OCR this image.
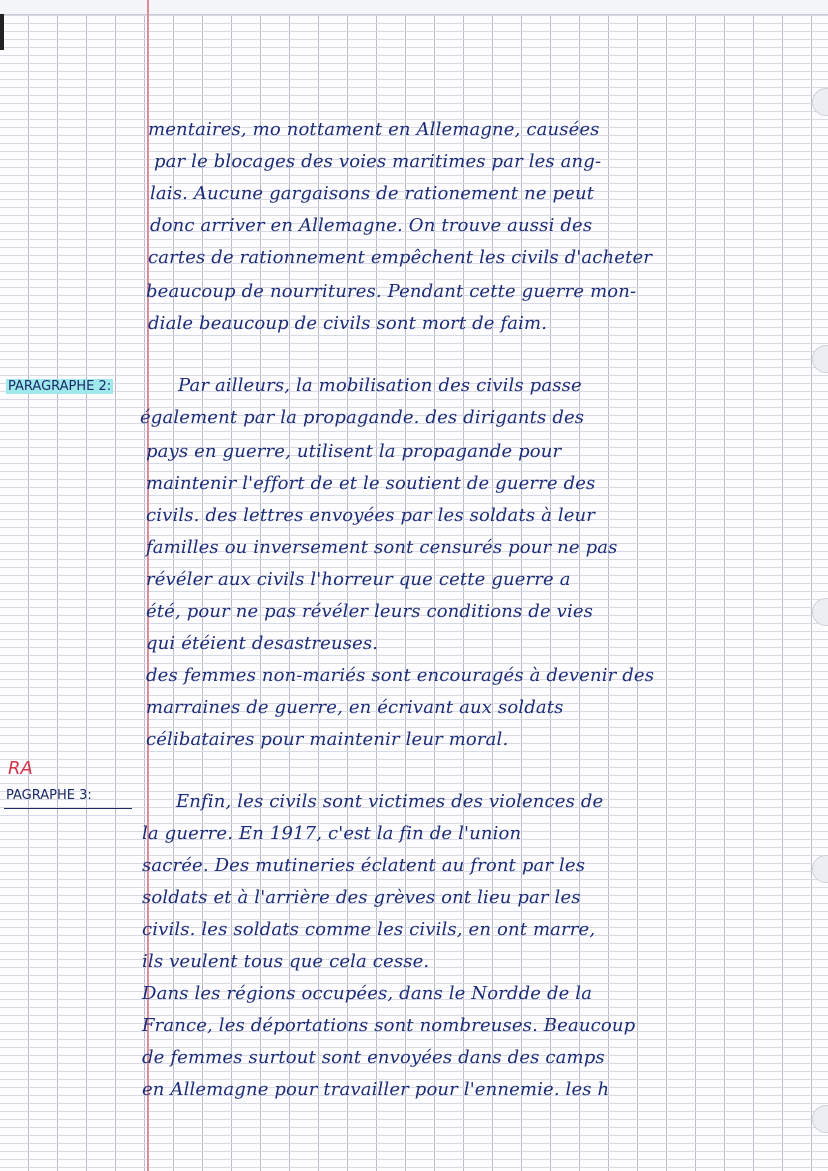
mentaires, mo nottament en Allemagne, causées

par le blocages des voies maritimes par les ang-

lais. Aucune gargaisons de rationement ne peut

donc arriver en Allemagne. On trouve aussi des

cartes de rationnement empêchent les civils d'acheter

beaucoup de nourritures. Pendant cette guerre mon-

diale beaucoup de civils sont mort de faim.

PARAGRAPHE 2:	Par ailleurs, la mobilisation des civils passe

également par la propagande. des dirigants des

pays en guerre, utilisent la propagande pour

maintenir l'effort de et le soutient de guerre des

civils. des lettres envoyées par les soldats à leur

familles ou inversement sont censurés pour ne pas

révéler aux civils l'horreur que cette guerre a

été, pour ne pas révéler leurs conditions de vies

qui étéient desastreuses.

des femmes non-mariés sont encouragés à devenir des

marraines de guerre, en écrivant aux soldats

célibataires pour maintenir leur moral.

RA

PAGRAPHE 3:	Enfin, les civils sont victimes des violences de

la guerre. En 1917, c'est la fin de l'union

sacrée. Des mutineries éclatent au front par les

soldats et à l'arrière des grèves ont lieu par les

civils. les soldats comme les civils, en ont marre,

ils veulent tous que cela cesse.

Dans les régions occupées, dans le Nordde de la

France, les déportations sont nombreuses. Beaucoup

de femmes surtout sont envoyées dans des camps

en Allemagne pour travailler pour l'ennemie. les h
